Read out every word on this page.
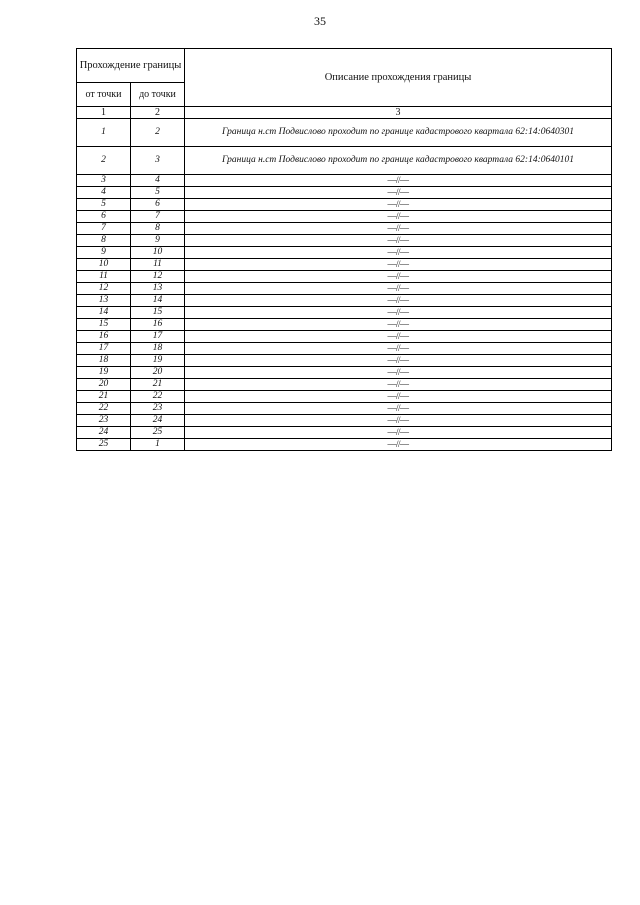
35
Прохождение границы		Описание прохождения границы
от точки	до точки	
1	2	3
1	2	Граница н.ст Подвислово проходит по границе кадастрового квартала 62:14:0640301
2	3	Граница н.ст Подвислово проходит по границе кадастрового квартала 62:14:0640101
3	4	—//—
4	5	—//—
5	6	—//—
6	7	—//—
7	8	—//—
8	9	—//—
9	10	—//—
10	11	—//—
11	12	—//—
12	13	—//—
13	14	—//—
14	15	—//—
15	16	—//—
16	17	—//—
17	18	—//—
18	19	—//—
19	20	—//—
20	21	—//—
21	22	—//—
22	23	—//—
23	24	—//—
24	25	—//—
25	1	—//—
